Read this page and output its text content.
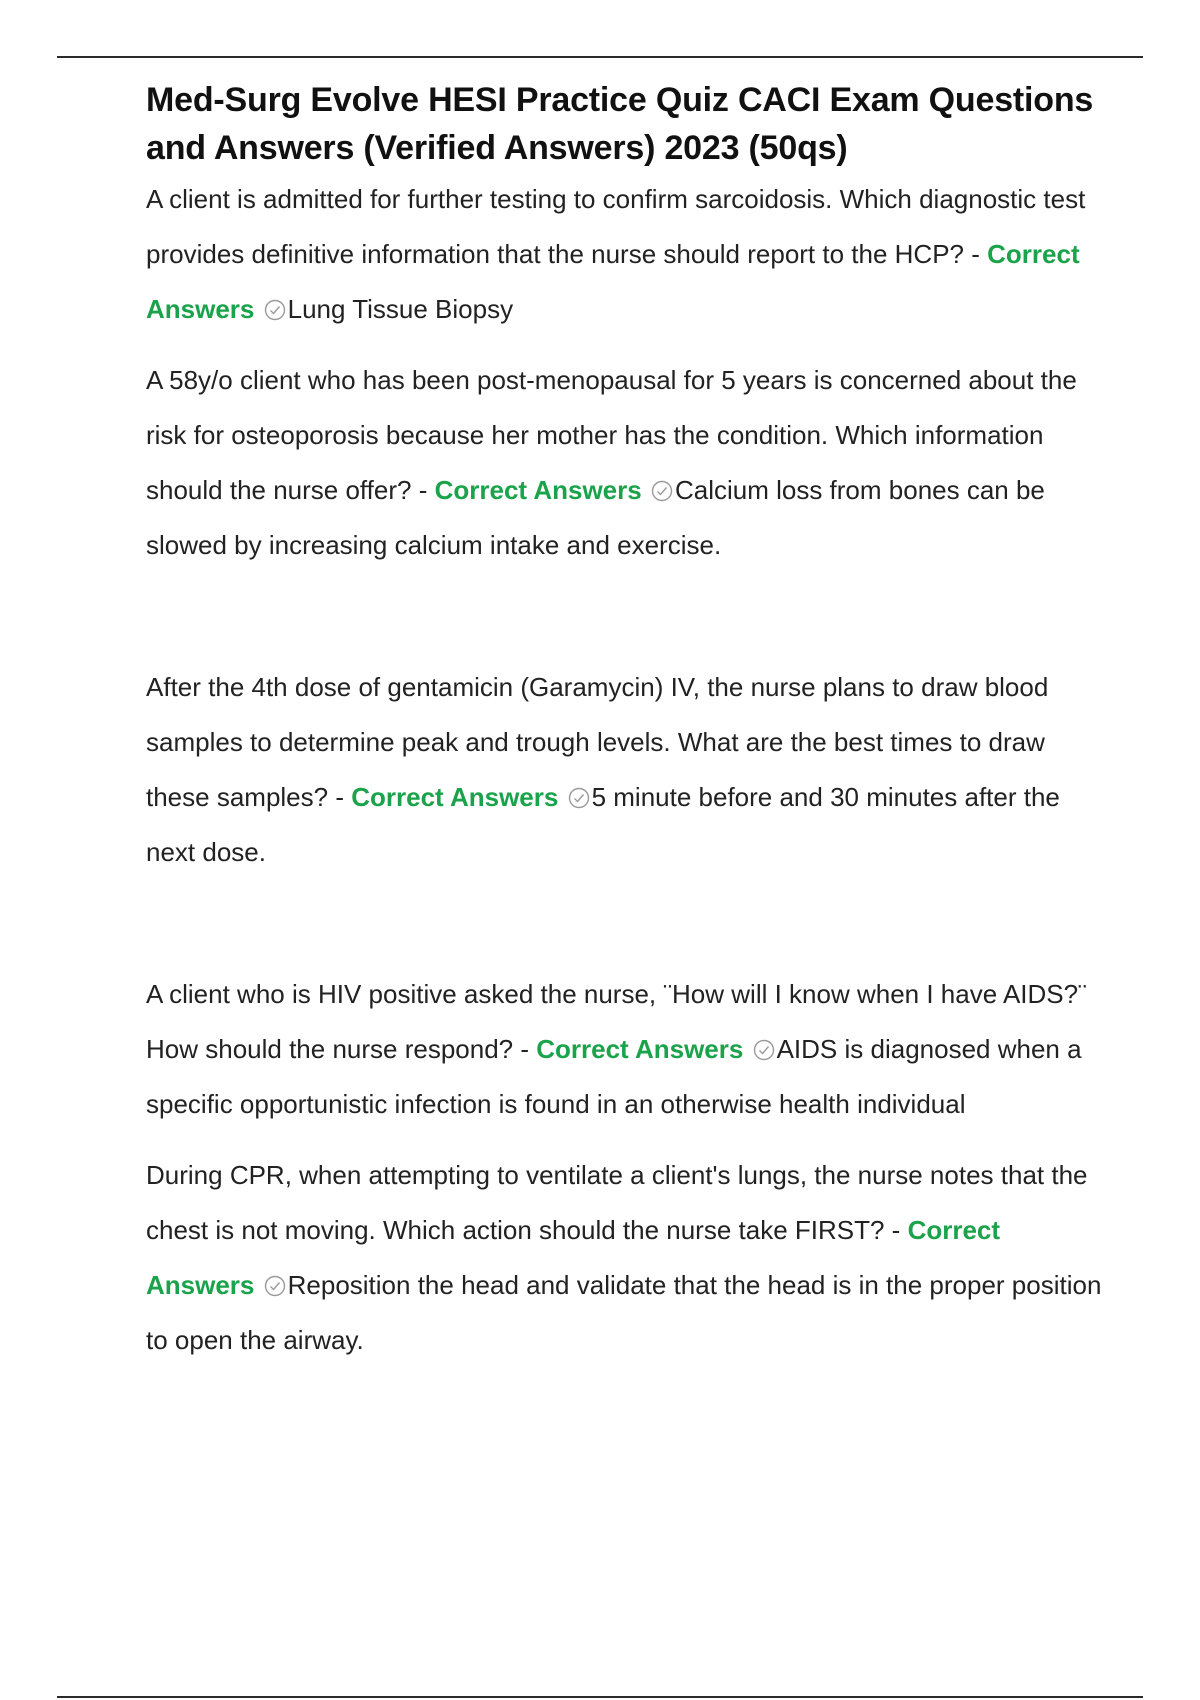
Med-Surg Evolve HESI Practice Quiz CACI Exam Questions and Answers (Verified Answers) 2023 (50qs)

A client is admitted for further testing to confirm sarcoidosis. Which diagnostic test provides definitive information that the nurse should report to the HCP? - Correct Answers Lung Tissue Biopsy

A 58y/o client who has been post-menopausal for 5 years is concerned about the risk for osteoporosis because her mother has the condition. Which information should the nurse offer? - Correct Answers Calcium loss from bones can be slowed by increasing calcium intake and exercise.

After the 4th dose of gentamicin (Garamycin) IV, the nurse plans to draw blood samples to determine peak and trough levels. What are the best times to draw these samples? - Correct Answers 5 minute before and 30 minutes after the next dose.

A client who is HIV positive asked the nurse, ¨How will I know when I have AIDS?¨ How should the nurse respond? - Correct Answers AIDS is diagnosed when a specific opportunistic infection is found in an otherwise health individual

During CPR, when attempting to ventilate a client's lungs, the nurse notes that the chest is not moving. Which action should the nurse take FIRST? - Correct Answers Reposition the head and validate that the head is in the proper position to open the airway.
